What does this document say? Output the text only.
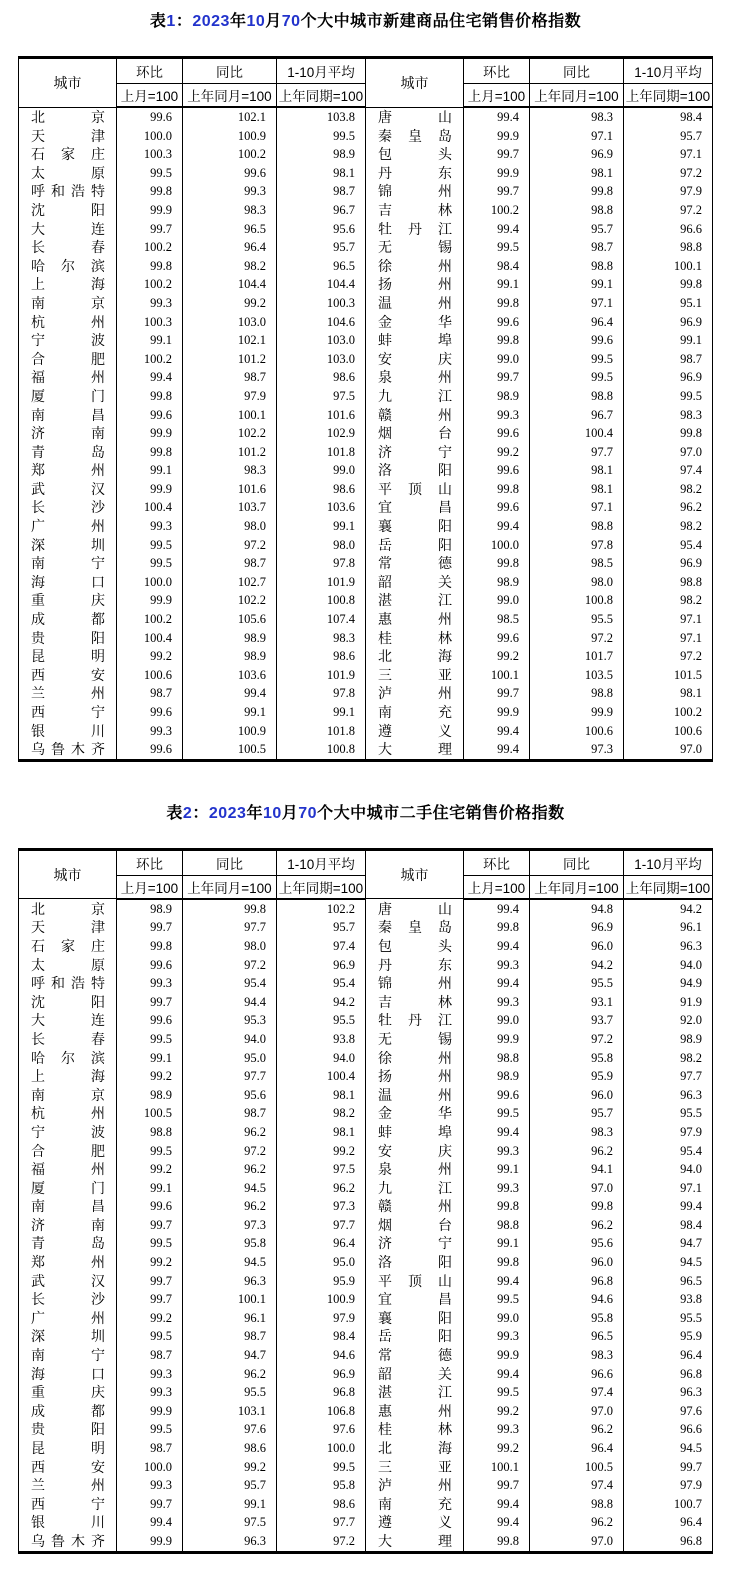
表1：2023年10月70个大中城市新建商品住宅销售价格指数
城市	环比	同比	1-10月平均	城市	环比	同比	1-10月平均
	上月=100	上年同月=100	上年同期=100		上月=100	上年同月=100	上年同期=100

北 京	99.6	102.1	103.8	唐 山	99.4	98.3	98.4

天 津	100.0	100.9	99.5	秦 皇 岛	99.9	97.1	95.7

石 家 庄	100.3	100.2	98.9	包 头	99.7	96.9	97.1

太 原	99.5	99.6	98.1	丹 东	99.9	98.1	97.2

呼 和 浩 特	99.8	99.3	98.7	锦 州	99.7	99.8	97.9

沈 阳	99.9	98.3	96.7	吉 林	100.2	98.8	97.2

大 连	99.7	96.5	95.6	牡 丹 江	99.4	95.7	96.6

长 春	100.2	96.4	95.7	无 锡	99.5	98.7	98.8

哈 尔 滨	99.8	98.2	96.5	徐 州	98.4	98.8	100.1

上 海	100.2	104.4	104.4	扬 州	99.1	99.1	99.8

南 京	99.3	99.2	100.3	温 州	99.8	97.1	95.1

杭 州	100.3	103.0	104.6	金 华	99.6	96.4	96.9

宁 波	99.1	102.1	103.0	蚌 埠	99.8	99.6	99.1

合 肥	100.2	101.2	103.0	安 庆	99.0	99.5	98.7

福 州	99.4	98.7	98.6	泉 州	99.7	99.5	96.9

厦 门	99.8	97.9	97.5	九 江	98.9	98.8	99.5

南 昌	99.6	100.1	101.6	赣 州	99.3	96.7	98.3

济 南	99.9	102.2	102.9	烟 台	99.6	100.4	99.8

青 岛	99.8	101.2	101.8	济 宁	99.2	97.7	97.0

郑 州	99.1	98.3	99.0	洛 阳	99.6	98.1	97.4

武 汉	99.9	101.6	98.6	平 顶 山	99.8	98.1	98.2

长 沙	100.4	103.7	103.6	宜 昌	99.6	97.1	96.2

广 州	99.3	98.0	99.1	襄 阳	99.4	98.8	98.2

深 圳	99.5	97.2	98.0	岳 阳	100.0	97.8	95.4

南 宁	99.5	98.7	97.8	常 德	99.8	98.5	96.9

海 口	100.0	102.7	101.9	韶 关	98.9	98.0	98.8

重 庆	99.9	102.2	100.8	湛 江	99.0	100.8	98.2

成 都	100.2	105.6	107.4	惠 州	98.5	95.5	97.1

贵 阳	100.4	98.9	98.3	桂 林	99.6	97.2	97.1

昆 明	99.2	98.9	98.6	北 海	99.2	101.7	97.2

西 安	100.6	103.6	101.9	三 亚	100.1	103.5	101.5

兰 州	98.7	99.4	97.8	泸 州	99.7	98.8	98.1

西 宁	99.6	99.1	99.1	南 充	99.9	99.9	100.2

银 川	99.3	100.9	101.8	遵 义	99.4	100.6	100.6

乌 鲁 木 齐	99.6	100.5	100.8	大 理	99.4	97.3	97.0
表2：2023年10月70个大中城市二手住宅销售价格指数
城市	环比	同比	1-10月平均	城市	环比	同比	1-10月平均
	上月=100	上年同月=100	上年同期=100		上月=100	上年同月=100	上年同期=100

北 京	98.9	99.8	102.2	唐 山	99.4	94.8	94.2

天 津	99.7	97.7	95.7	秦 皇 岛	99.8	96.9	96.1

石 家 庄	99.8	98.0	97.4	包 头	99.4	96.0	96.3

太 原	99.6	97.2	96.9	丹 东	99.3	94.2	94.0

呼 和 浩 特	99.3	95.4	95.4	锦 州	99.4	95.5	94.9

沈 阳	99.7	94.4	94.2	吉 林	99.3	93.1	91.9

大 连	99.6	95.3	95.5	牡 丹 江	99.0	93.7	92.0

长 春	99.5	94.0	93.8	无 锡	99.9	97.2	98.9

哈 尔 滨	99.1	95.0	94.0	徐 州	98.8	95.8	98.2

上 海	99.2	97.7	100.4	扬 州	98.9	95.9	97.7

南 京	98.9	95.6	98.1	温 州	99.6	96.0	96.3

杭 州	100.5	98.7	98.2	金 华	99.5	95.7	95.5

宁 波	98.8	96.2	98.1	蚌 埠	99.4	98.3	97.9

合 肥	99.5	97.2	99.2	安 庆	99.3	96.2	95.4

福 州	99.2	96.2	97.5	泉 州	99.1	94.1	94.0

厦 门	99.1	94.5	96.2	九 江	99.3	97.0	97.1

南 昌	99.6	96.2	97.3	赣 州	99.8	99.8	99.4

济 南	99.7	97.3	97.7	烟 台	98.8	96.2	98.4

青 岛	99.5	95.8	96.4	济 宁	99.1	95.6	94.7

郑 州	99.2	94.5	95.0	洛 阳	99.8	96.0	94.5

武 汉	99.7	96.3	95.9	平 顶 山	99.4	96.8	96.5

长 沙	99.7	100.1	100.9	宜 昌	99.5	94.6	93.8

广 州	99.2	96.1	97.9	襄 阳	99.0	95.8	95.5

深 圳	99.5	98.7	98.4	岳 阳	99.3	96.5	95.9

南 宁	98.7	94.7	94.6	常 德	99.9	98.3	96.4

海 口	99.3	96.2	96.9	韶 关	99.4	96.6	96.8

重 庆	99.3	95.5	96.8	湛 江	99.5	97.4	96.3

成 都	99.9	103.1	106.8	惠 州	99.2	97.0	97.6

贵 阳	99.5	97.6	97.6	桂 林	99.3	96.2	96.6

昆 明	98.7	98.6	100.0	北 海	99.2	96.4	94.5

西 安	100.0	99.2	99.5	三 亚	100.1	100.5	99.7

兰 州	99.3	95.7	95.8	泸 州	99.7	97.4	97.9

西 宁	99.7	99.1	98.6	南 充	99.4	98.8	100.7

银 川	99.4	97.5	97.7	遵 义	99.4	96.2	96.4

乌 鲁 木 齐	99.9	96.3	97.2	大 理	99.8	97.0	96.8
